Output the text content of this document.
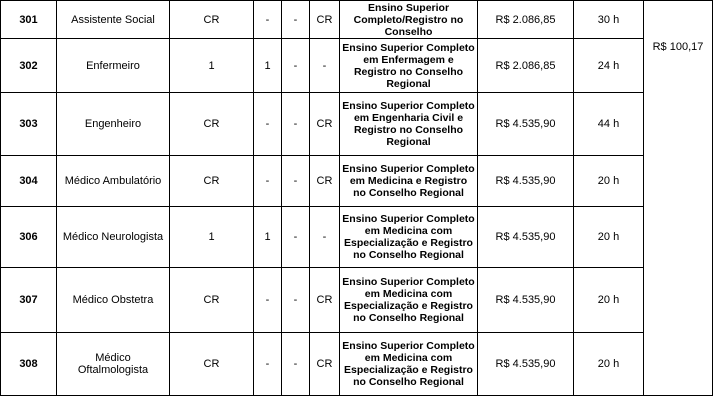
301	Assistente Social	CR	-	-	CR	Ensino Superior Completo/Registro no Conselho	R$ 2.086,85	30 h	R$ 100,17
302	Enfermeiro	1	1	-	-	Ensino Superior Completo em Enfermagem e Registro no Conselho Regional	R$ 2.086,85	24 h	
303	Engenheiro	CR	-	-	CR	Ensino Superior Completo em Engenharia Civil e Registro no Conselho Regional	R$ 4.535,90	44 h	
304	Médico Ambulatório	CR	-	-	CR	Ensino Superior Completo em Medicina e Registro no Conselho Regional	R$ 4.535,90	20 h	
306	Médico Neurologista	1	1	-	-	Ensino Superior Completo em Medicina com Especialização e Registro no Conselho Regional	R$ 4.535,90	20 h	
307	Médico Obstetra	CR	-	-	CR	Ensino Superior Completo em Medicina com Especialização e Registro no Conselho Regional	R$ 4.535,90	20 h	
308	Médico Oftalmologista	CR	-	-	CR	Ensino Superior Completo em Medicina com Especialização e Registro no Conselho Regional	R$ 4.535,90	20 h	
